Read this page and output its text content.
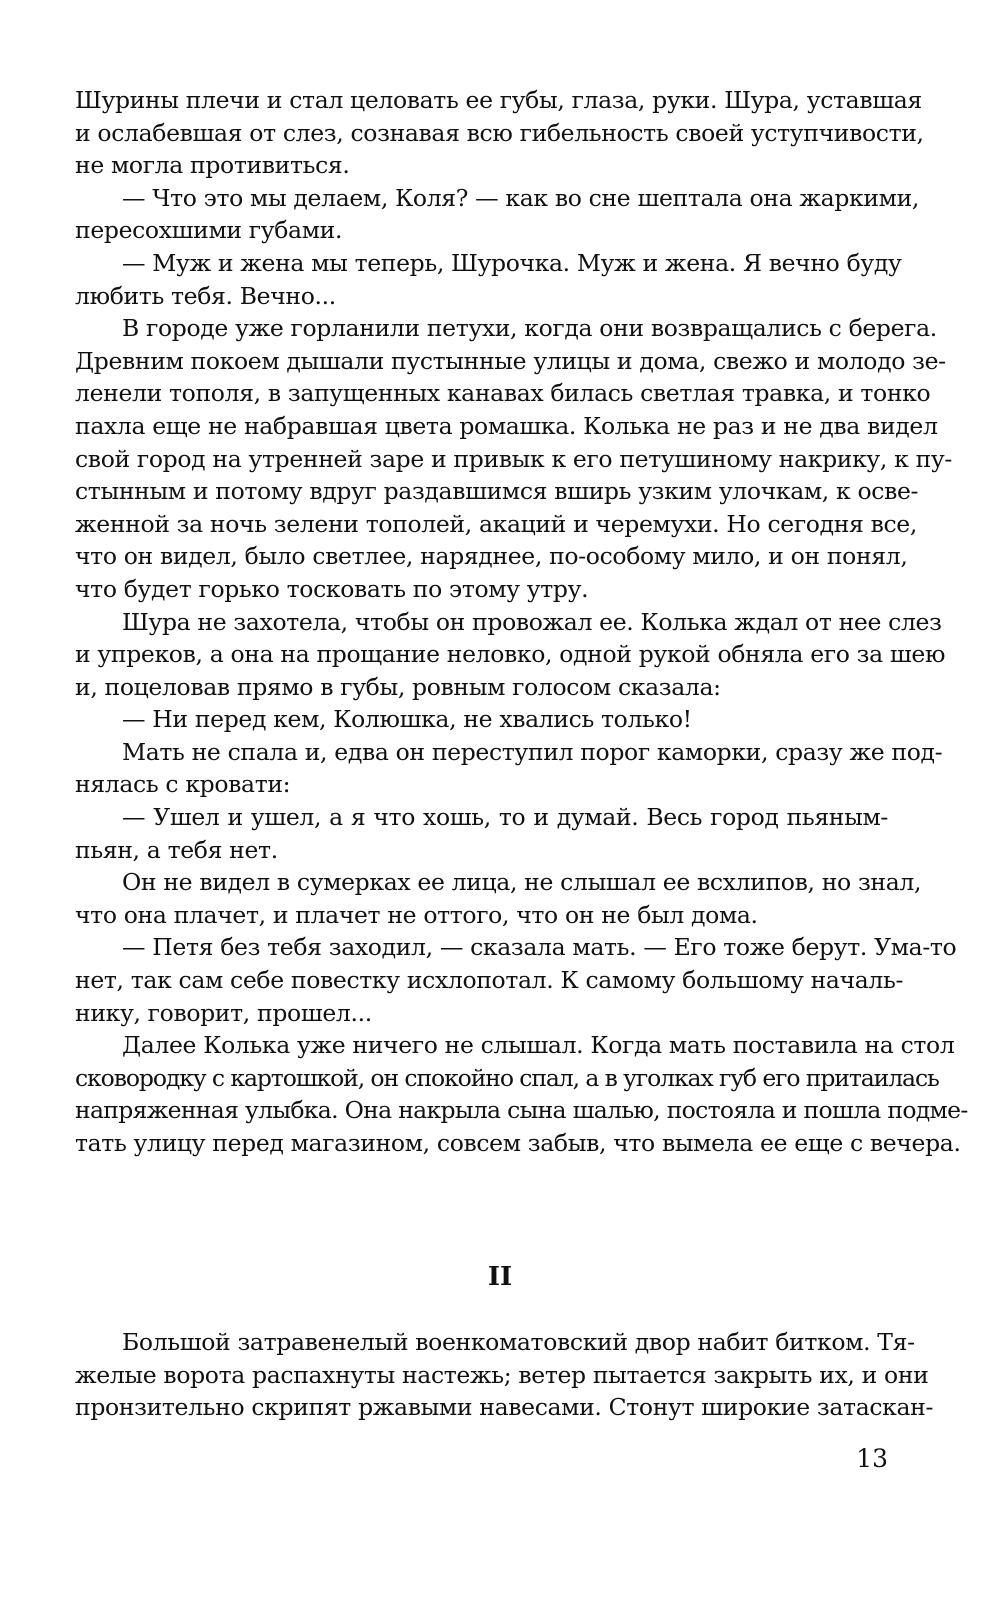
Шурины плечи и стал целовать ее губы, глаза, руки. Шура, уставшая
и ослабевшая от слез, сознавая всю гибельность своей уступчивости,
не могла противиться.
— Что это мы делаем, Коля? — как во сне шептала она жаркими,
пересохшими губами.
— Муж и жена мы теперь, Шурочка. Муж и жена. Я вечно буду
любить тебя. Вечно...
В городе уже горланили петухи, когда они возвращались с берега.
Древним покоем дышали пустынные улицы и дома, свежо и молодо зе-
ленели тополя, в запущенных канавах билась светлая травка, и тонко
пахла еще не набравшая цвета ромашка. Колька не раз и не два видел
свой город на утренней заре и привык к его петушиному накрику, к пу-
стынным и потому вдруг раздавшимся вширь узким улочкам, к осве-
женной за ночь зелени тополей, акаций и черемухи. Но сегодня все,
что он видел, было светлее, наряднее, по-особому мило, и он понял,
что будет горько тосковать по этому утру.
Шура не захотела, чтобы он провожал ее. Колька ждал от нее слез
и упреков, а она на прощание неловко, одной рукой обняла его за шею
и, поцеловав прямо в губы, ровным голосом сказала:
— Ни перед кем, Колюшка, не хвались только!
Мать не спала и, едва он переступил порог каморки, сразу же под-
нялась с кровати:
— Ушел и ушел, а я что хошь, то и думай. Весь город пьяным-
пьян, а тебя нет.
Он не видел в сумерках ее лица, не слышал ее всхлипов, но знал,
что она плачет, и плачет не оттого, что он не был дома.
— Петя без тебя заходил, — сказала мать. — Его тоже берут. Ума-то
нет, так сам себе повестку исхлопотал. К самому большому началь-
нику, говорит, прошел...
Далее Колька уже ничего не слышал. Когда мать поставила на стол
сковородку с картошкой, он спокойно спал, а в уголках губ его притаилась
напряженная улыбка. Она накрыла сына шалью, постояла и пошла подме-
тать улицу перед магазином, совсем забыв, что вымела ее еще с вечера.
II
Большой затравенелый военкоматовский двор набит битком. Тя-
желые ворота распахнуты настежь; ветер пытается закрыть их, и они
пронзительно скрипят ржавыми навесами. Стонут широкие затаскан-
13
